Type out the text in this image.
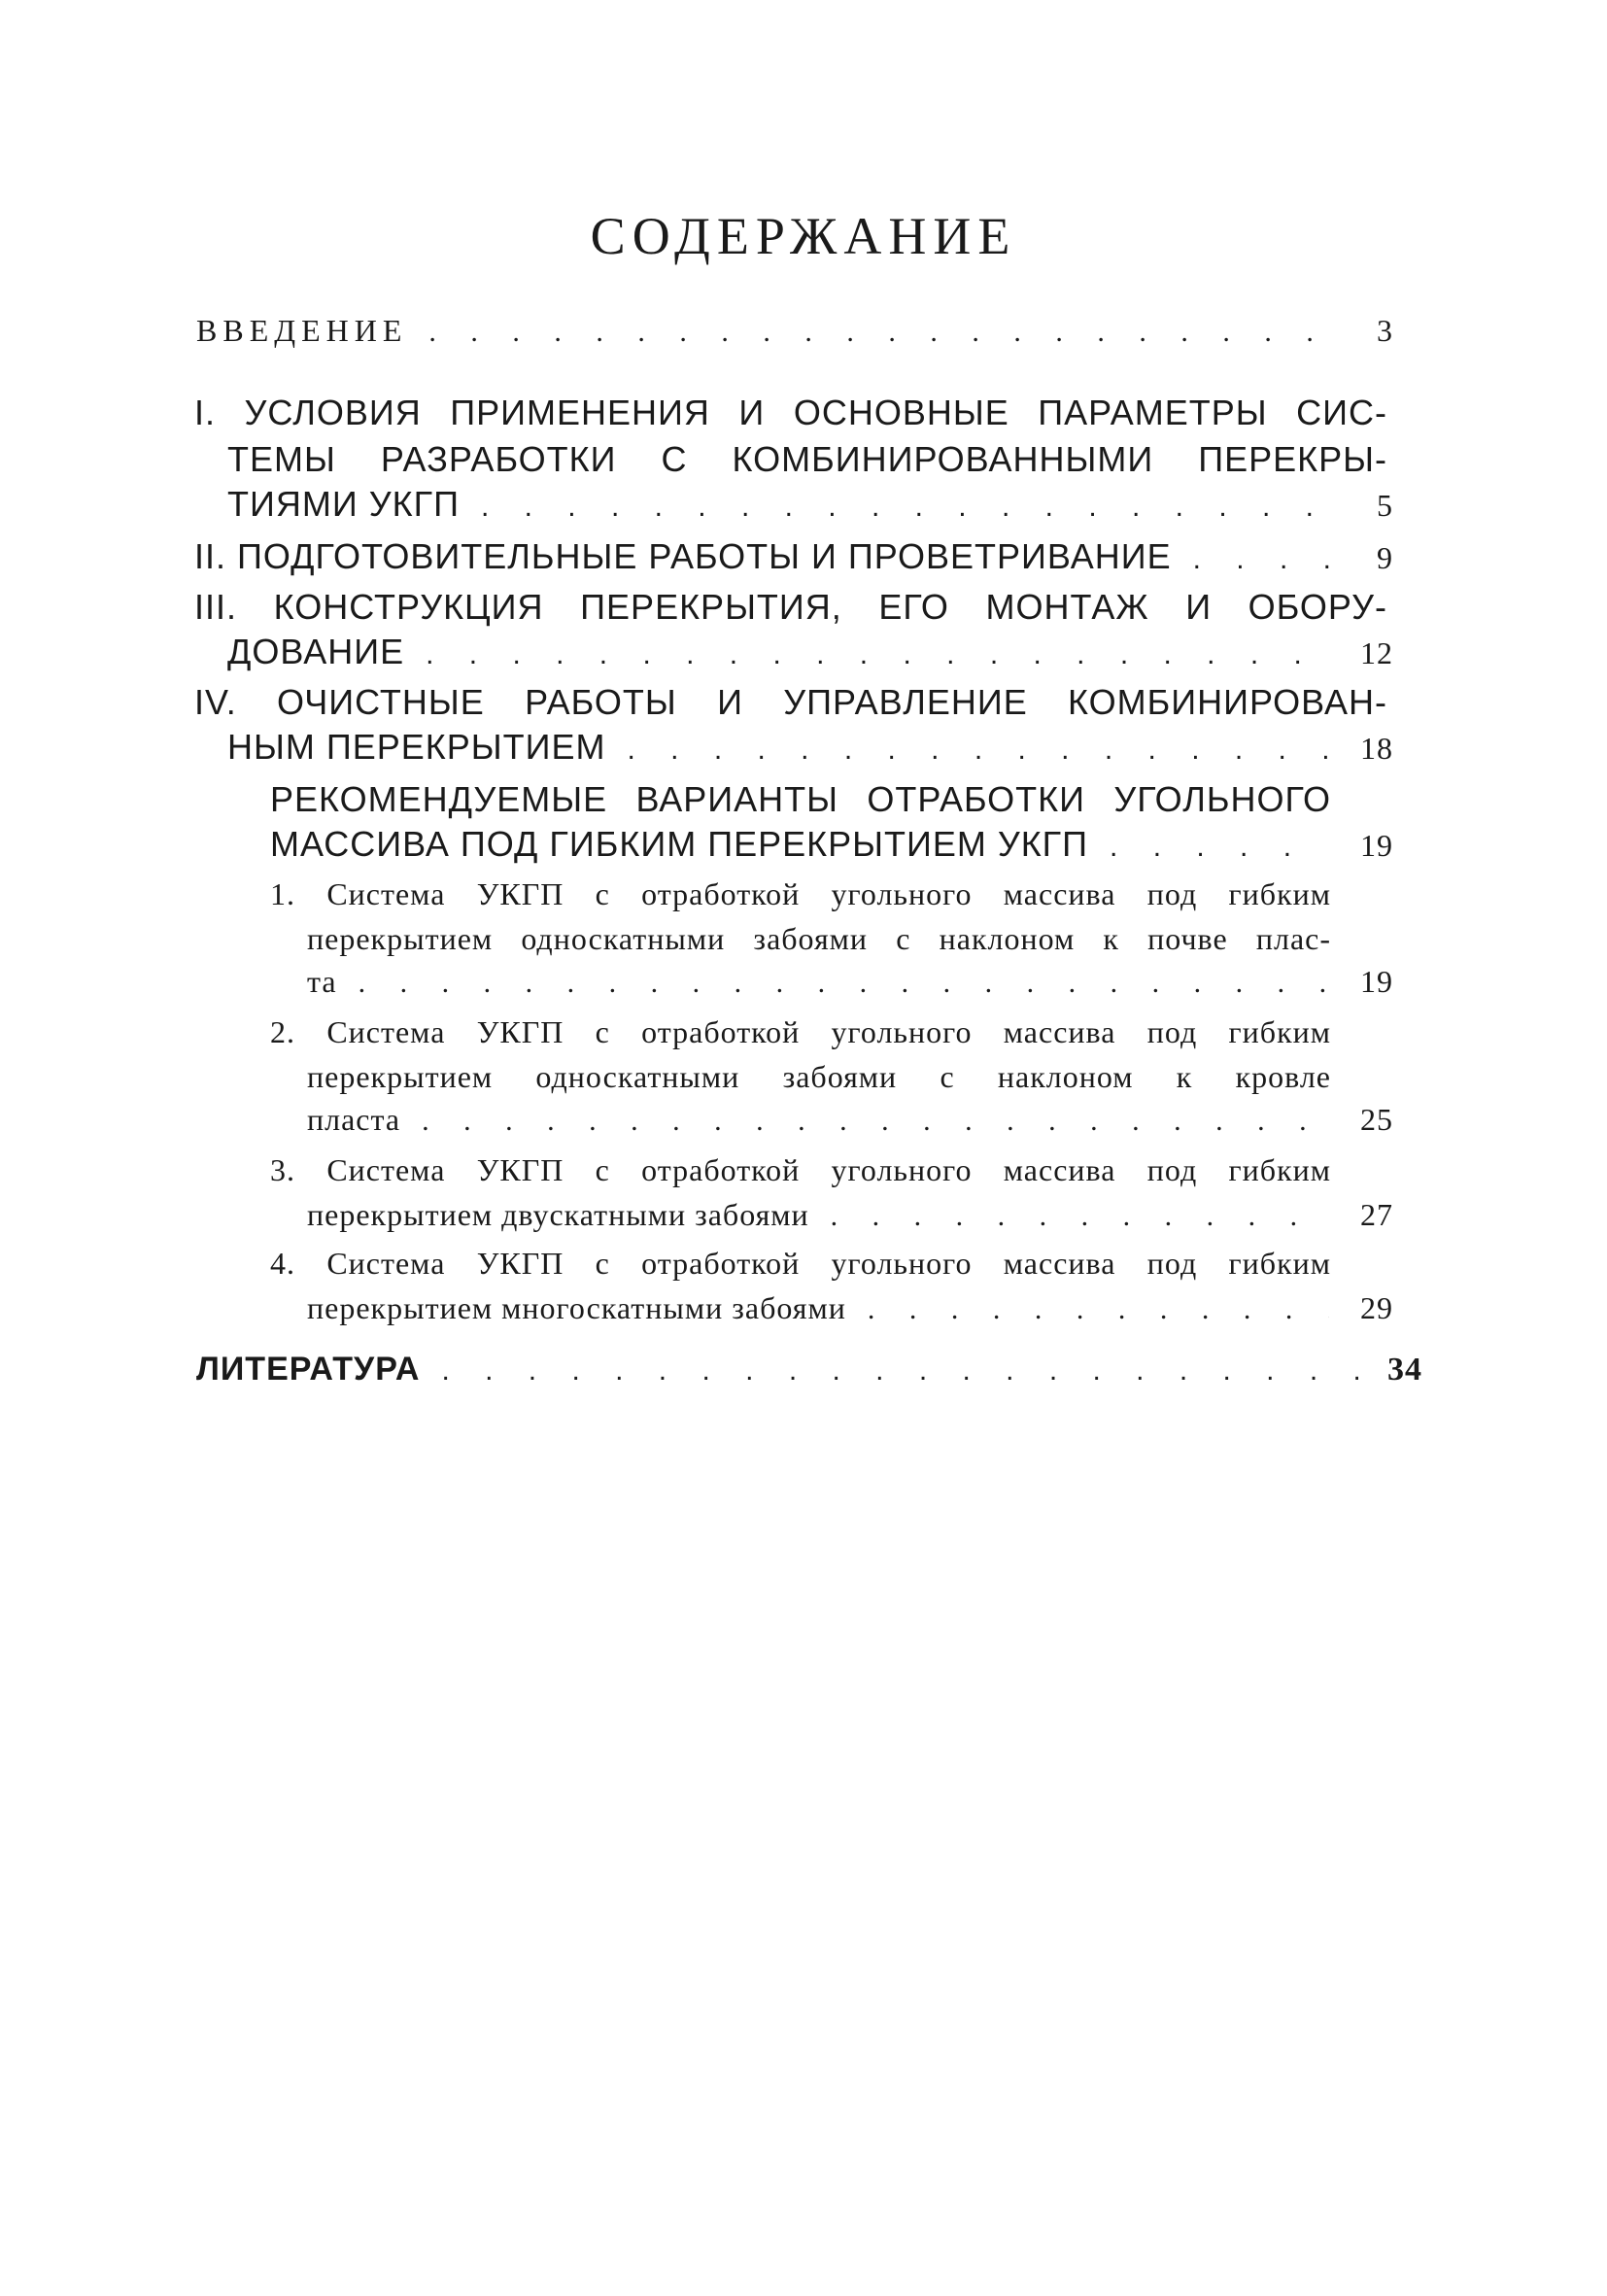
СОДЕРЖАНИЕ
ВВЕДЕНИЕ . . .	3
I. УСЛОВИЯ ПРИМЕНЕНИЯ И ОСНОВНЫЕ ПАРАМЕТРЫ СИС-
ТЕМЫ РАЗРАБОТКИ С КОМБИНИРОВАННЫМИ ПЕРЕКРЫ-
ТИЯМИ УКГП . . .	5
II. ПОДГОТОВИТЕЛЬНЫЕ РАБОТЫ И ПРОВЕТРИВАНИЕ . . .	9
III. КОНСТРУКЦИЯ ПЕРЕКРЫТИЯ, ЕГО МОНТАЖ И ОБОРУ-
ДОВАНИЕ . . .	12
IV. ОЧИСТНЫЕ РАБОТЫ И УПРАВЛЕНИЕ КОМБИНИРОВАН-
НЫМ ПЕРЕКРЫТИЕМ . . .	18
РЕКОМЕНДУЕМЫЕ ВАРИАНТЫ ОТРАБОТКИ УГОЛЬНОГО
МАССИВА ПОД ГИБКИМ ПЕРЕКРЫТИЕМ УКГП . . .	19
1. Система УКГП с отработкой угольного массива под гибким
перекрытием односкатными забоями с наклоном к почве плас-
та . . .	19
2. Система УКГП с отработкой угольного массива под гибким
перекрытием односкатными забоями с наклоном к кровле
пласта . . .	25
3. Система УКГП с отработкой угольного массива под гибким
перекрытием двускатными забоями . . .	27
4. Система УКГП с отработкой угольного массива под гибким
перекрытием многоскатными забоями . . .	29
ЛИТЕРАТУРА . . .	34
